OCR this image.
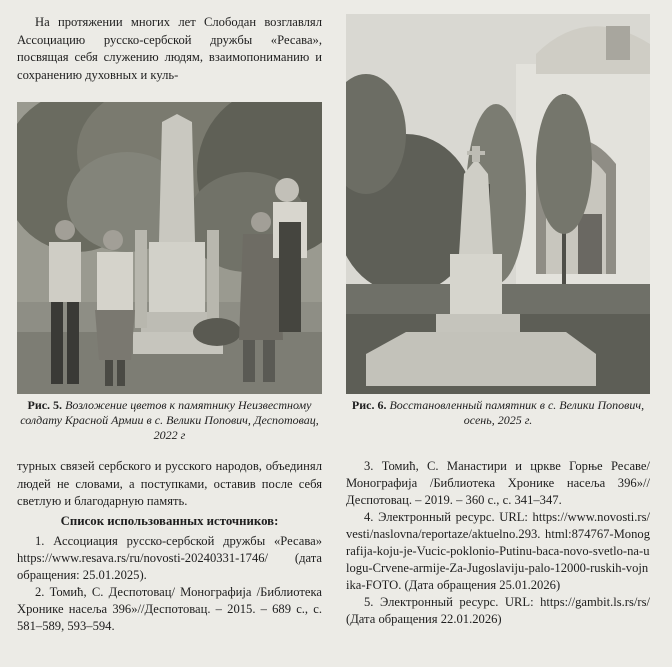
На протяжении многих лет Слободан возглавлял Ассоциацию русско-сербской дружбы «Ресава», посвящая себя служению людям, взаимопониманию и сохранению духовных и куль-

Рис. 5. Возложение цветов к памятнику Неизвестному солдату Красной Армии в с. Велики Попович, Деспотовац, 2022 г

турных связей сербского и русского народов, объединял людей не словами, а поступками, оставив после себя светлую и благодарную память.

Список использованных источников:

1. Ассоциация русско-сербской дружбы «Ресава» https://www.resava.rs/ru/novosti-20240331-1746/ (дата обращения: 25.01.2025).

2. Томић, С. Деспотовац/ Монографија /Библиотека Хронике насеља 396»//Деспотовац. – 2015. – 689 с., с. 581–589, 593–594.

Рис. 6. Восстановленный памятник в с. Велики Попович, осень, 2025 г.

3. Томић, С. Манастири и цркве Горње Ресаве/ Монографија /Библиотека Хронике насеља 396»//Деспотовац. – 2019. – 360 с., с. 341–347.

4. Электронный ресурс. URL: https://www.novosti.rs/vesti/naslovna/reportaze/aktuelno.293. html:874767-Monografija-koju-je-Vucic-poklonio-Putinu-baca-novo-svetlo-na-ulogu-Crvene-armije-Za-Jugoslaviju-palo-12000-ruskih-vojnika-FOTO. (Дата обращения 25.01.2026)

5. Электронный ресурс. URL: https://gambit.ls.rs/rs/ (Дата обращения 22.01.2026)
